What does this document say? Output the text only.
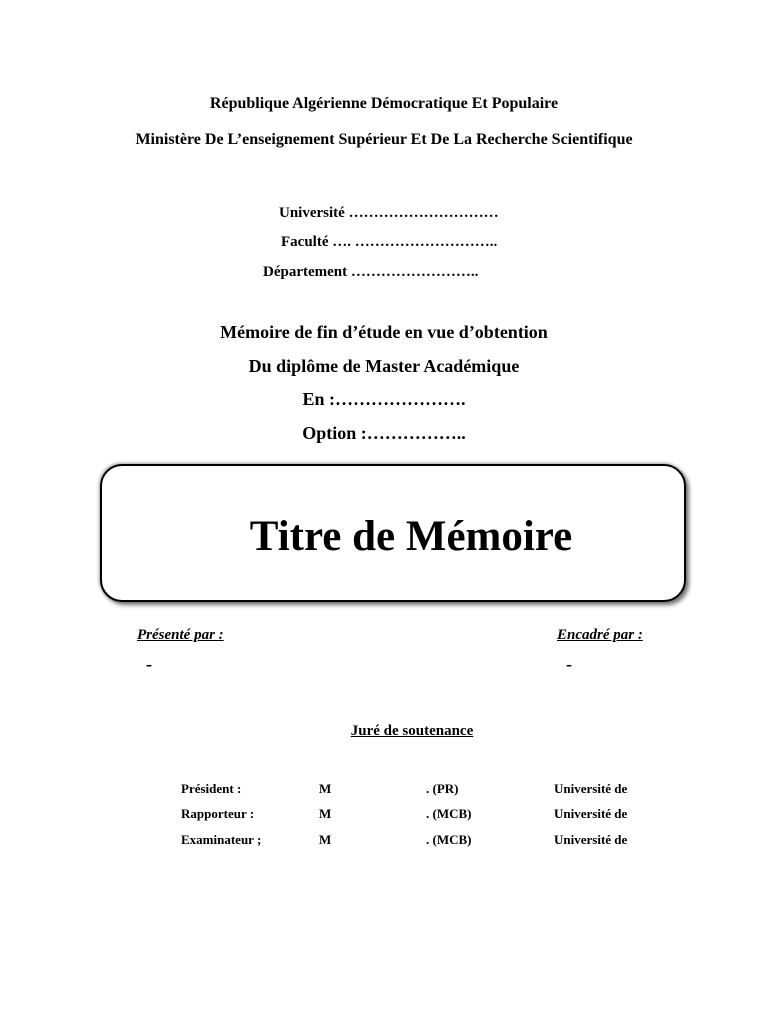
République Algérienne Démocratique Et Populaire
Ministère De L’enseignement Supérieur Et De La Recherche Scientifique
Université …………………………
Faculté …. ………………………..
Département ……………………..
Mémoire de fin d’étude en vue d’obtention
Du diplôme de Master Académique
En :………………….
Option :……………..
Titre de Mémoire
Présenté par :
-
Encadré par :
-
Juré de soutenance
Président :	M	. (PR)	Université de
Rapporteur :	M	. (MCB)	Université de
Examinateur ;	M	. (MCB)	Université de
